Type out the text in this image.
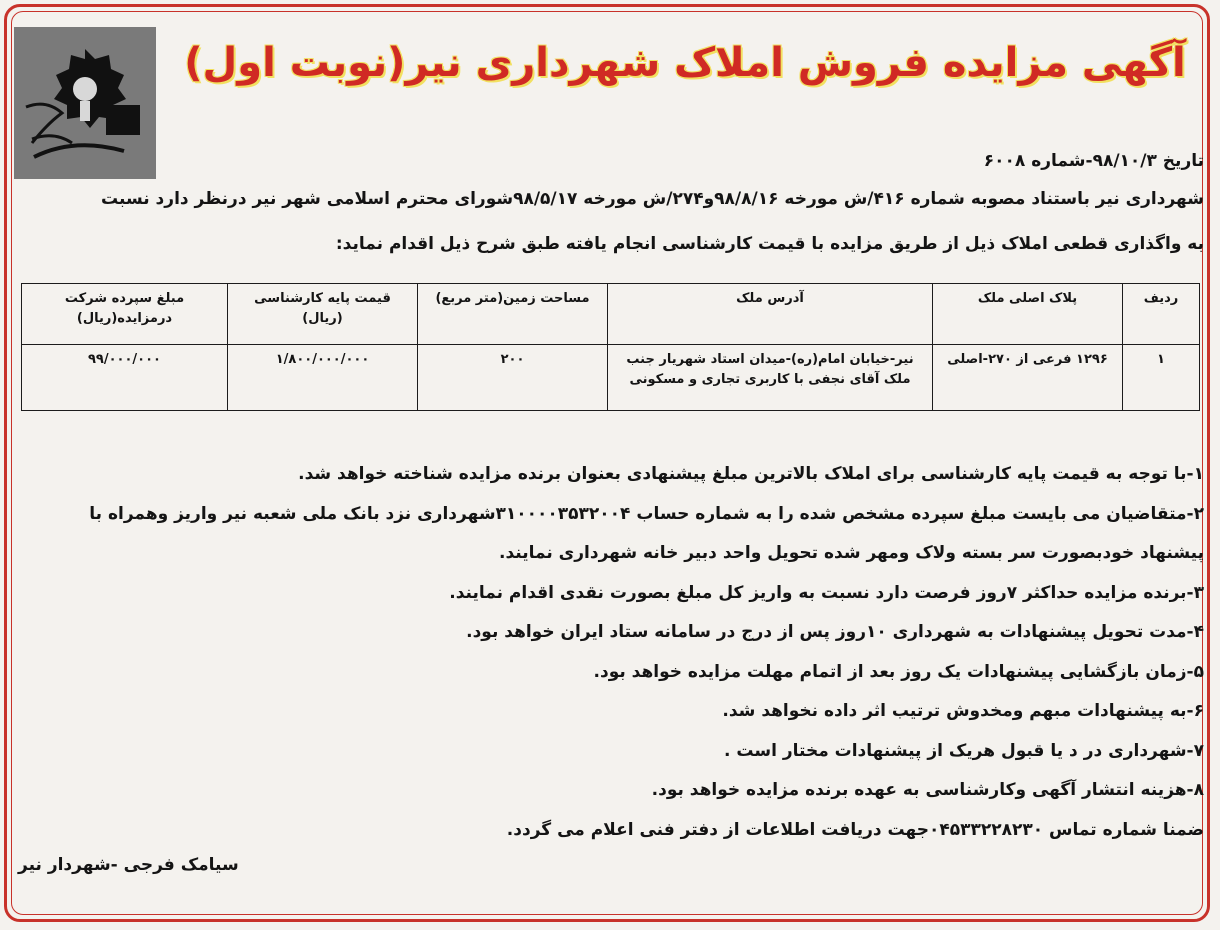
آگهی مزایده فروش املاک شهرداری نیر(نوبت اول)
تاریخ ۹۸/۱۰/۳-شماره ۶۰۰۸
شهرداری نیر باستناد مصوبه شماره ۴۱۶/ش مورخه ۹۸/۸/۱۶و۲۷۴/ش مورخه ۹۸/۵/۱۷شورای محترم اسلامی شهر نیر درنظر دارد نسبت
به واگذاری قطعی املاک ذیل از طریق مزایده با قیمت کارشناسی انجام یافته طبق شرح ذیل اقدام نماید:
ردیف	پلاک اصلی ملک	آدرس ملک	مساحت زمین(متر مربع)	قیمت پایه کارشناسی (ریال)	مبلغ سپرده شرکت
درمزایده(ریال)

۱	۱۲۹۶ فرعی از ۲۷۰-اصلی	نیر-خیابان امام(ره)-میدان استاد شهریار جنب
ملک آقای نجفی با کاربری تجاری و مسکونی	۲۰۰	۱/۸۰۰/۰۰۰/۰۰۰	۹۹/۰۰۰/۰۰۰
۱-با توجه به قیمت پایه کارشناسی برای املاک بالاترین مبلغ پیشنهادی بعنوان برنده مزایده شناخته خواهد شد.
۲-متقاضیان می بایست مبلغ سپرده مشخص شده را به شماره حساب ۳۱۰۰۰۰۳۵۳۲۰۰۴شهرداری نزد بانک ملی شعبه نیر واریز وهمراه با
پیشنهاد خودبصورت سر بسته ولاک ومهر شده تحویل واحد دبیر خانه شهرداری نمایند.
۳-برنده مزایده حداکثر ۷روز فرصت دارد نسبت به واریز کل مبلغ بصورت نقدی اقدام نمایند.
۴-مدت تحویل پیشنهادات به شهرداری ۱۰روز پس از درج در سامانه ستاد ایران خواهد بود.
۵-زمان بازگشایی پیشنهادات یک روز بعد از اتمام مهلت مزایده خواهد بود.
۶-به پیشنهادات مبهم ومخدوش ترتیب اثر داده نخواهد شد.
۷-شهرداری در د یا قبول هریک از پیشنهادات مختار است .
۸-هزینه انتشار آگهی وکارشناسی به عهده برنده مزایده خواهد بود.
ضمنا شماره تماس ۰۴۵۳۳۲۲۸۲۳۰جهت دریافت اطلاعات از دفتر فنی اعلام می گردد.
سیامک فرجی -شهردار نیر
